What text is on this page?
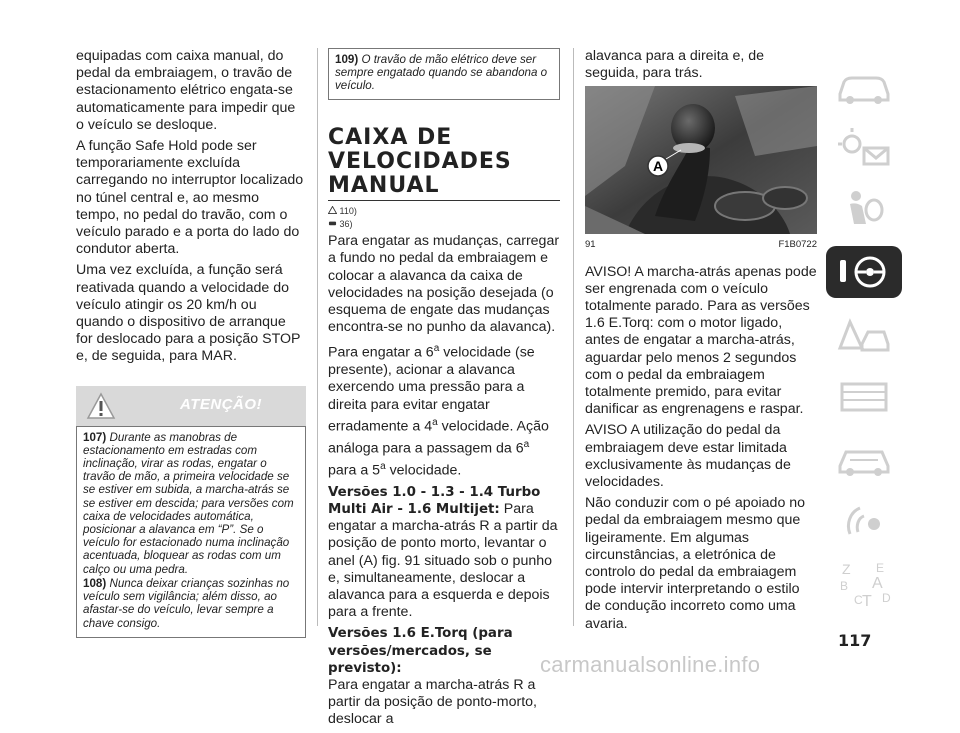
equipadas com caixa manual, do pedal da embraiagem, o travão de estacionamento elétrico engata-se automaticamente para impedir que o veículo se desloque.

A função Safe Hold pode ser temporariamente excluída carregando no interruptor localizado no túnel central e, ao mesmo tempo, no pedal do travão, com o veículo parado e a porta do lado do condutor aberta.

Uma vez excluída, a função será reativada quando a velocidade do veículo atingir os 20 km/h ou quando o dispositivo de arranque for deslocado para a posição STOP e, de seguida, para MAR.

ATENÇÃO!

107) Durante as manobras de estacionamento em estradas com inclinação, virar as rodas, engatar o travão de mão, a primeira velocidade se se estiver em subida, a marcha-atrás se se estiver em descida; para versões com caixa de velocidades automática, posicionar a alavanca em “P”. Se o veículo for estacionado numa inclinação acentuada, bloquear as rodas com um calço ou uma pedra.

108) Nunca deixar crianças sozinhas no veículo sem vigilância; além disso, ao afastar-se do veículo, levar sempre a chave consigo.

109) O travão de mão elétrico deve ser sempre engatado quando se abandona o veículo.
CAIXA DE VELOCIDADES MANUAL
110)
36)

Para engatar as mudanças, carregar a fundo no pedal da embraiagem e colocar a alavanca da caixa de velocidades na posição desejada (o esquema de engate das mudanças encontra-se no punho da alavanca).

Para engatar a 6$^a$ velocidade (se presente), acionar a alavanca exercendo uma pressão para a direita para evitar engatar erradamente a 4$^a$ velocidade. Ação análoga para a passagem da 6$^a$ para a 5$^a$ velocidade.

Versões 1.0 - 1.3 - 1.4 Turbo Multi Air - 1.6 Multijet: Para engatar a marcha-atrás R a partir da posição de ponto morto, levantar o anel (A) fig. 91 situado sob o punho e, simultaneamente, deslocar a alavanca para a esquerda e depois para a frente.

Versões 1.6 E.Torq (para versões/mercados, se previsto):

Para engatar a marcha-atrás R a partir da posição de ponto-morto, deslocar a

alavanca para a direita e, de seguida, para trás.

A
91	F1B0722

AVISO! A marcha-atrás apenas pode ser engrenada com o veículo totalmente parado. Para as versões 1.6 E.Torq: com o motor ligado, antes de engatar a marcha-atrás, aguardar pelo menos 2 segundos com o pedal da embraiagem totalmente premido, para evitar danificar as engrenagens e raspar.

AVISO A utilização do pedal da embraiagem deve estar limitada exclusivamente às mudanças de velocidades.

Não conduzir com o pé apoiado no pedal da embraiagem mesmo que ligeiramente. Em algumas circunstâncias, a eletrónica de controlo do pedal da embraiagem pode intervir interpretando o estilo de condução incorreto como uma avaria.

Z E
B A
C T D
117
carmanualsonline.info
